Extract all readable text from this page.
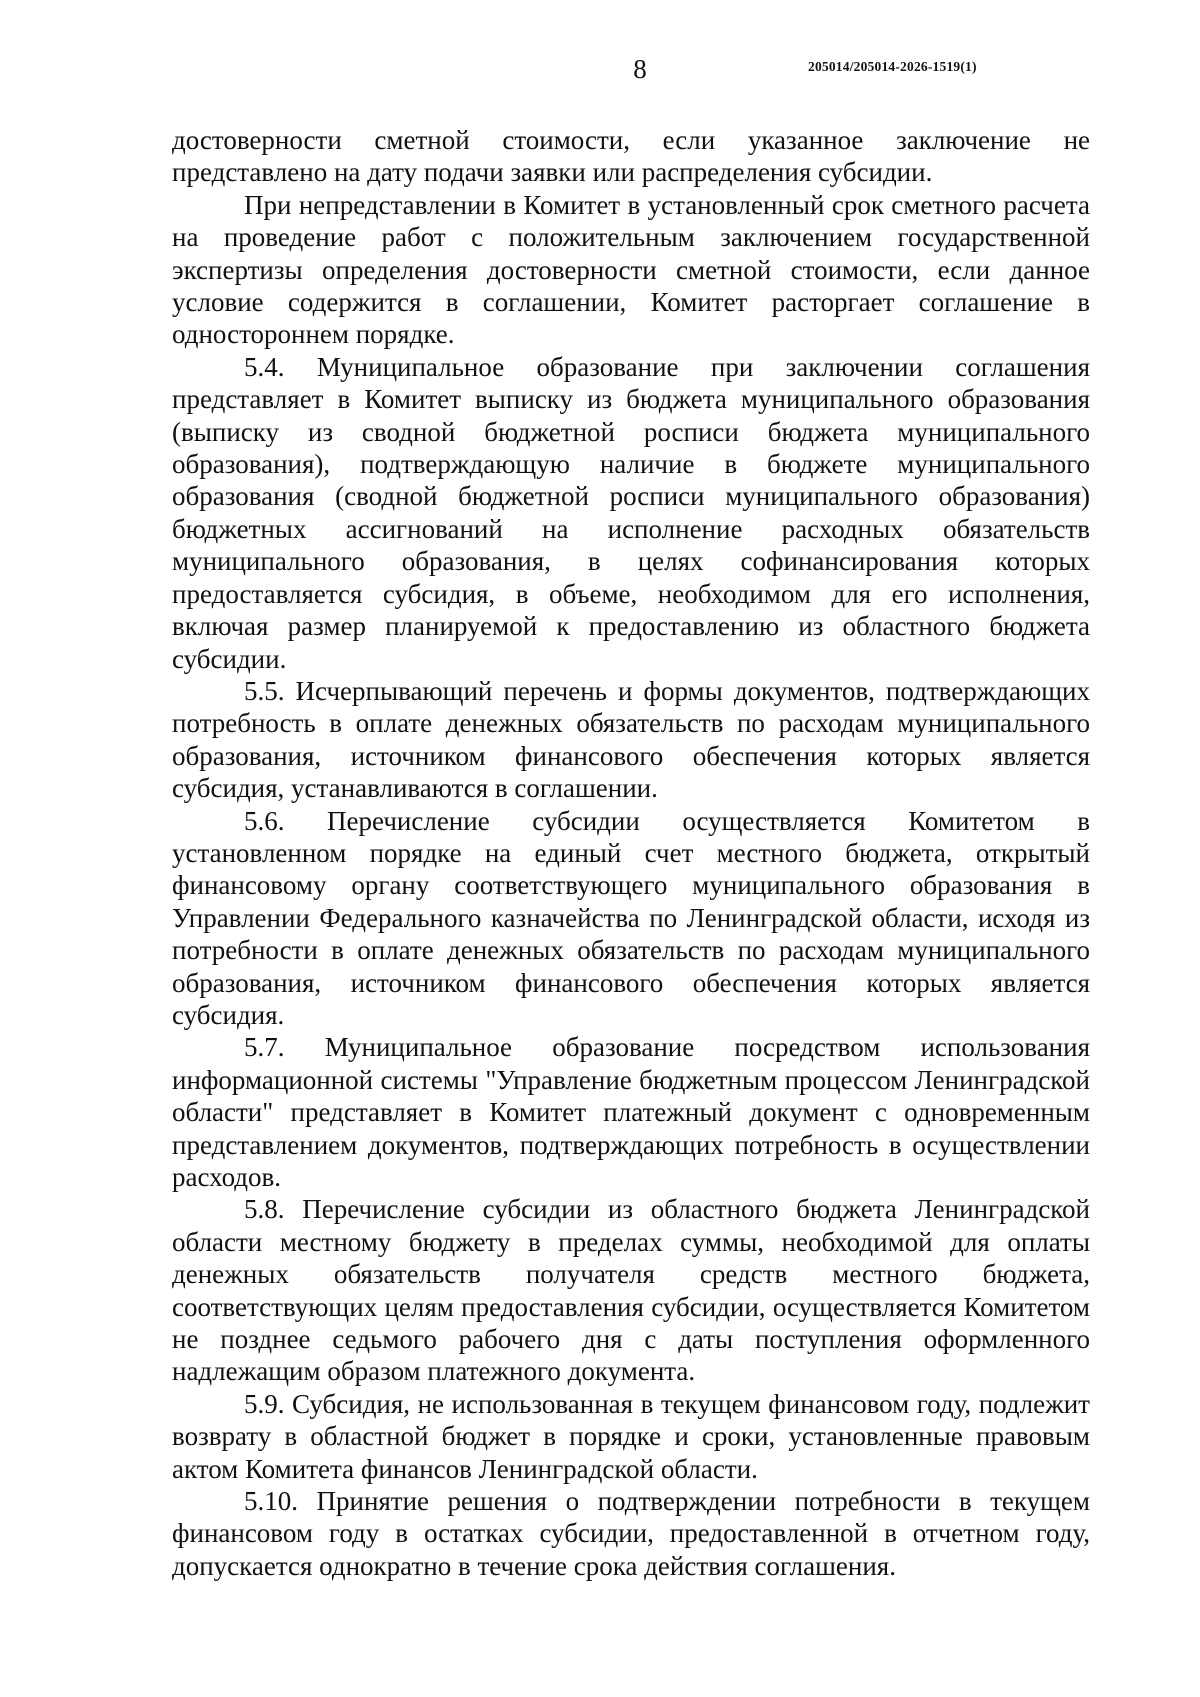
8	205014/205014-2026-1519(1)

достоверности сметной стоимости, если указанное заключение не представлено на дату подачи заявки или распределения субсидии.

При непредставлении в Комитет в установленный срок сметного расчета на проведение работ с положительным заключением государственной экспертизы определения достоверности сметной стоимости, если данное условие содержится в соглашении, Комитет расторгает соглашение в одностороннем порядке.

5.4. Муниципальное образование при заключении соглашения представляет в Комитет выписку из бюджета муниципального образования (выписку из сводной бюджетной росписи бюджета муниципального образования), подтверждающую наличие в бюджете муниципального образования (сводной бюджетной росписи муниципального образования) бюджетных ассигнований на исполнение расходных обязательств муниципального образования, в целях софинансирования которых предоставляется субсидия, в объеме, необходимом для его исполнения, включая размер планируемой к предоставлению из областного бюджета субсидии.

5.5. Исчерпывающий перечень и формы документов, подтверждающих потребность в оплате денежных обязательств по расходам муниципального образования, источником финансового обеспечения которых является субсидия, устанавливаются в соглашении.

5.6. Перечисление субсидии осуществляется Комитетом в установленном порядке на единый счет местного бюджета, открытый финансовому органу соответствующего муниципального образования в Управлении Федерального казначейства по Ленинградской области, исходя из потребности в оплате денежных обязательств по расходам муниципального образования, источником финансового обеспечения которых является субсидия.

5.7. Муниципальное образование посредством использования информационной системы "Управление бюджетным процессом Ленинградской области" представляет в Комитет платежный документ с одновременным представлением документов, подтверждающих потребность в осуществлении расходов.

5.8. Перечисление субсидии из областного бюджета Ленинградской области местному бюджету в пределах суммы, необходимой для оплаты денежных обязательств получателя средств местного бюджета, соответствующих целям предоставления субсидии, осуществляется Комитетом не позднее седьмого рабочего дня с даты поступления оформленного надлежащим образом платежного документа.

5.9. Субсидия, не использованная в текущем финансовом году, подлежит возврату в областной бюджет в порядке и сроки, установленные правовым актом Комитета финансов Ленинградской области.

5.10. Принятие решения о подтверждении потребности в текущем финансовом году в остатках субсидии, предоставленной в отчетном году, допускается однократно в течение срока действия соглашения.
